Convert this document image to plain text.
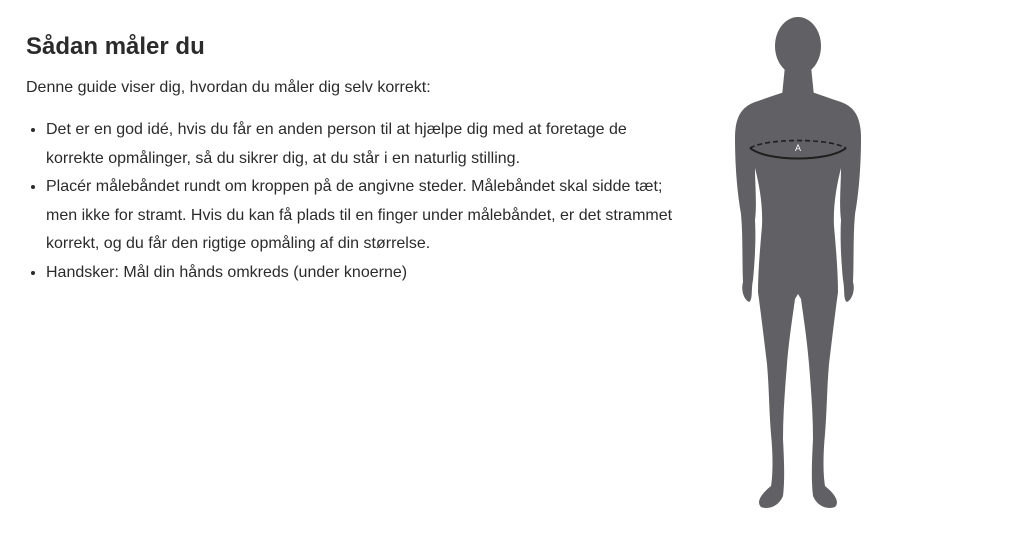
Sådan måler du

Denne guide viser dig, hvordan du måler dig selv korrekt:

• Det er en god idé, hvis du får en anden person til at hjælpe dig med at foretage de korrekte opmålinger, så du sikrer dig, at du står i en naturlig stilling.
• Placér målebåndet rundt om kroppen på de angivne steder. Målebåndet skal sidde tæt; men ikke for stramt. Hvis du kan få plads til en finger under målebåndet, er det strammet korrekt, og du får den rigtige opmåling af din størrelse.
• Handsker: Mål din hånds omkreds (under knoerne)
A
